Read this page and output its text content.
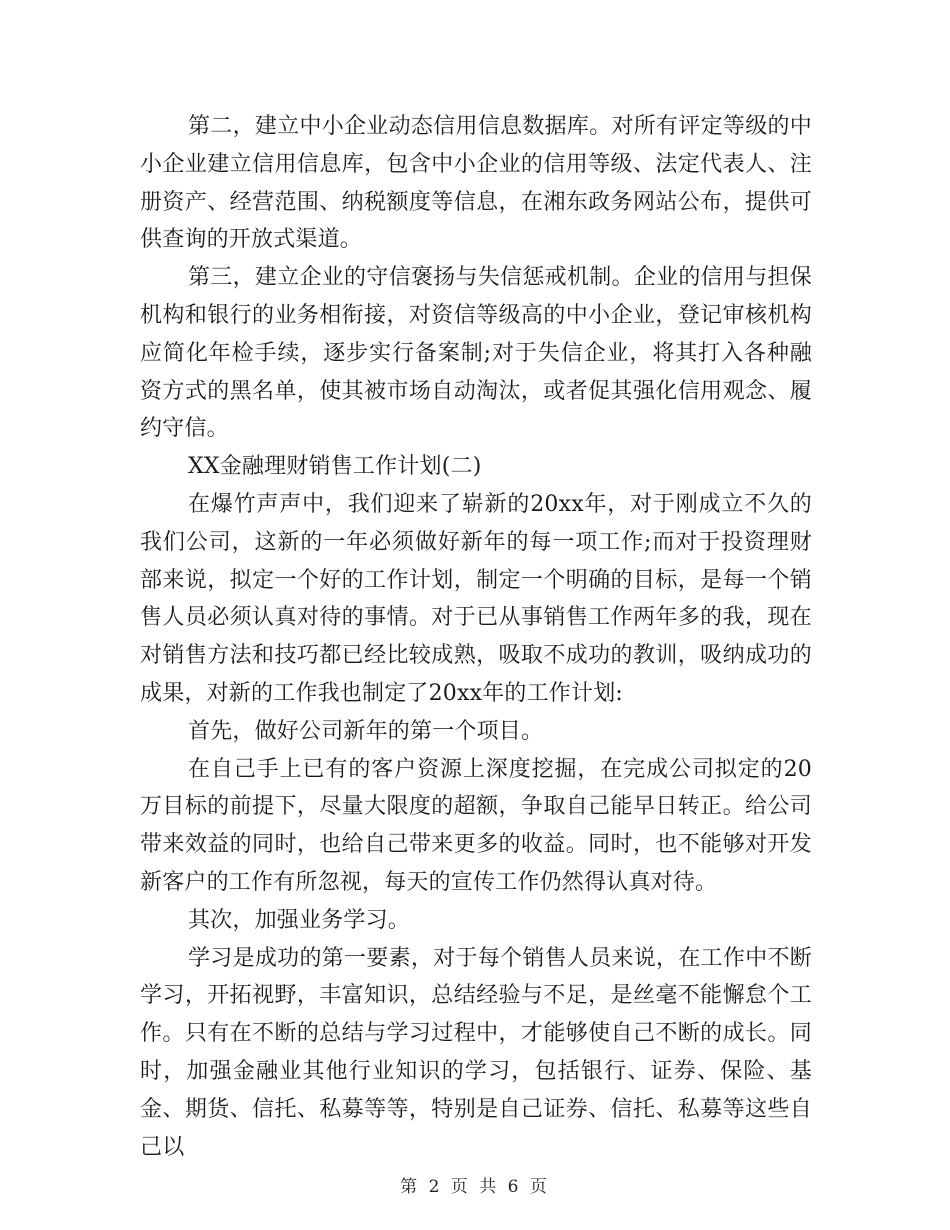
第二，建立中小企业动态信用信息数据库。对所有评定等级的中小企业建立信用信息库，包含中小企业的信用等级、法定代表人、注册资产、经营范围、纳税额度等信息，在湘东政务网站公布，提供可供查询的开放式渠道。

第三，建立企业的守信褒扬与失信惩戒机制。企业的信用与担保机构和银行的业务相衔接，对资信等级高的中小企业，登记审核机构应简化年检手续，逐步实行备案制;对于失信企业，将其打入各种融资方式的黑名单，使其被市场自动淘汰，或者促其强化信用观念、履约守信。

XX金融理财销售工作计划(二)

在爆竹声声中，我们迎来了崭新的20xx年，对于刚成立不久的我们公司，这新的一年必须做好新年的每一项工作;而对于投资理财部来说，拟定一个好的工作计划，制定一个明确的目标，是每一个销售人员必须认真对待的事情。对于已从事销售工作两年多的我，现在对销售方法和技巧都已经比较成熟，吸取不成功的教训，吸纳成功的成果，对新的工作我也制定了20xx年的工作计划:

首先，做好公司新年的第一个项目。

在自己手上已有的客户资源上深度挖掘，在完成公司拟定的20万目标的前提下，尽量大限度的超额，争取自己能早日转正。给公司带来效益的同时，也给自己带来更多的收益。同时，也不能够对开发新客户的工作有所忽视，每天的宣传工作仍然得认真对待。

其次，加强业务学习。

学习是成功的第一要素，对于每个销售人员来说，在工作中不断学习，开拓视野，丰富知识，总结经验与不足，是丝毫不能懈怠个工作。只有在不断的总结与学习过程中，才能够使自己不断的成长。同时，加强金融业其他行业知识的学习，包括银行、证券、保险、基金、期货、信托、私募等等，特别是自己证券、信托、私募等这些自己以

第 2 页 共 6 页
